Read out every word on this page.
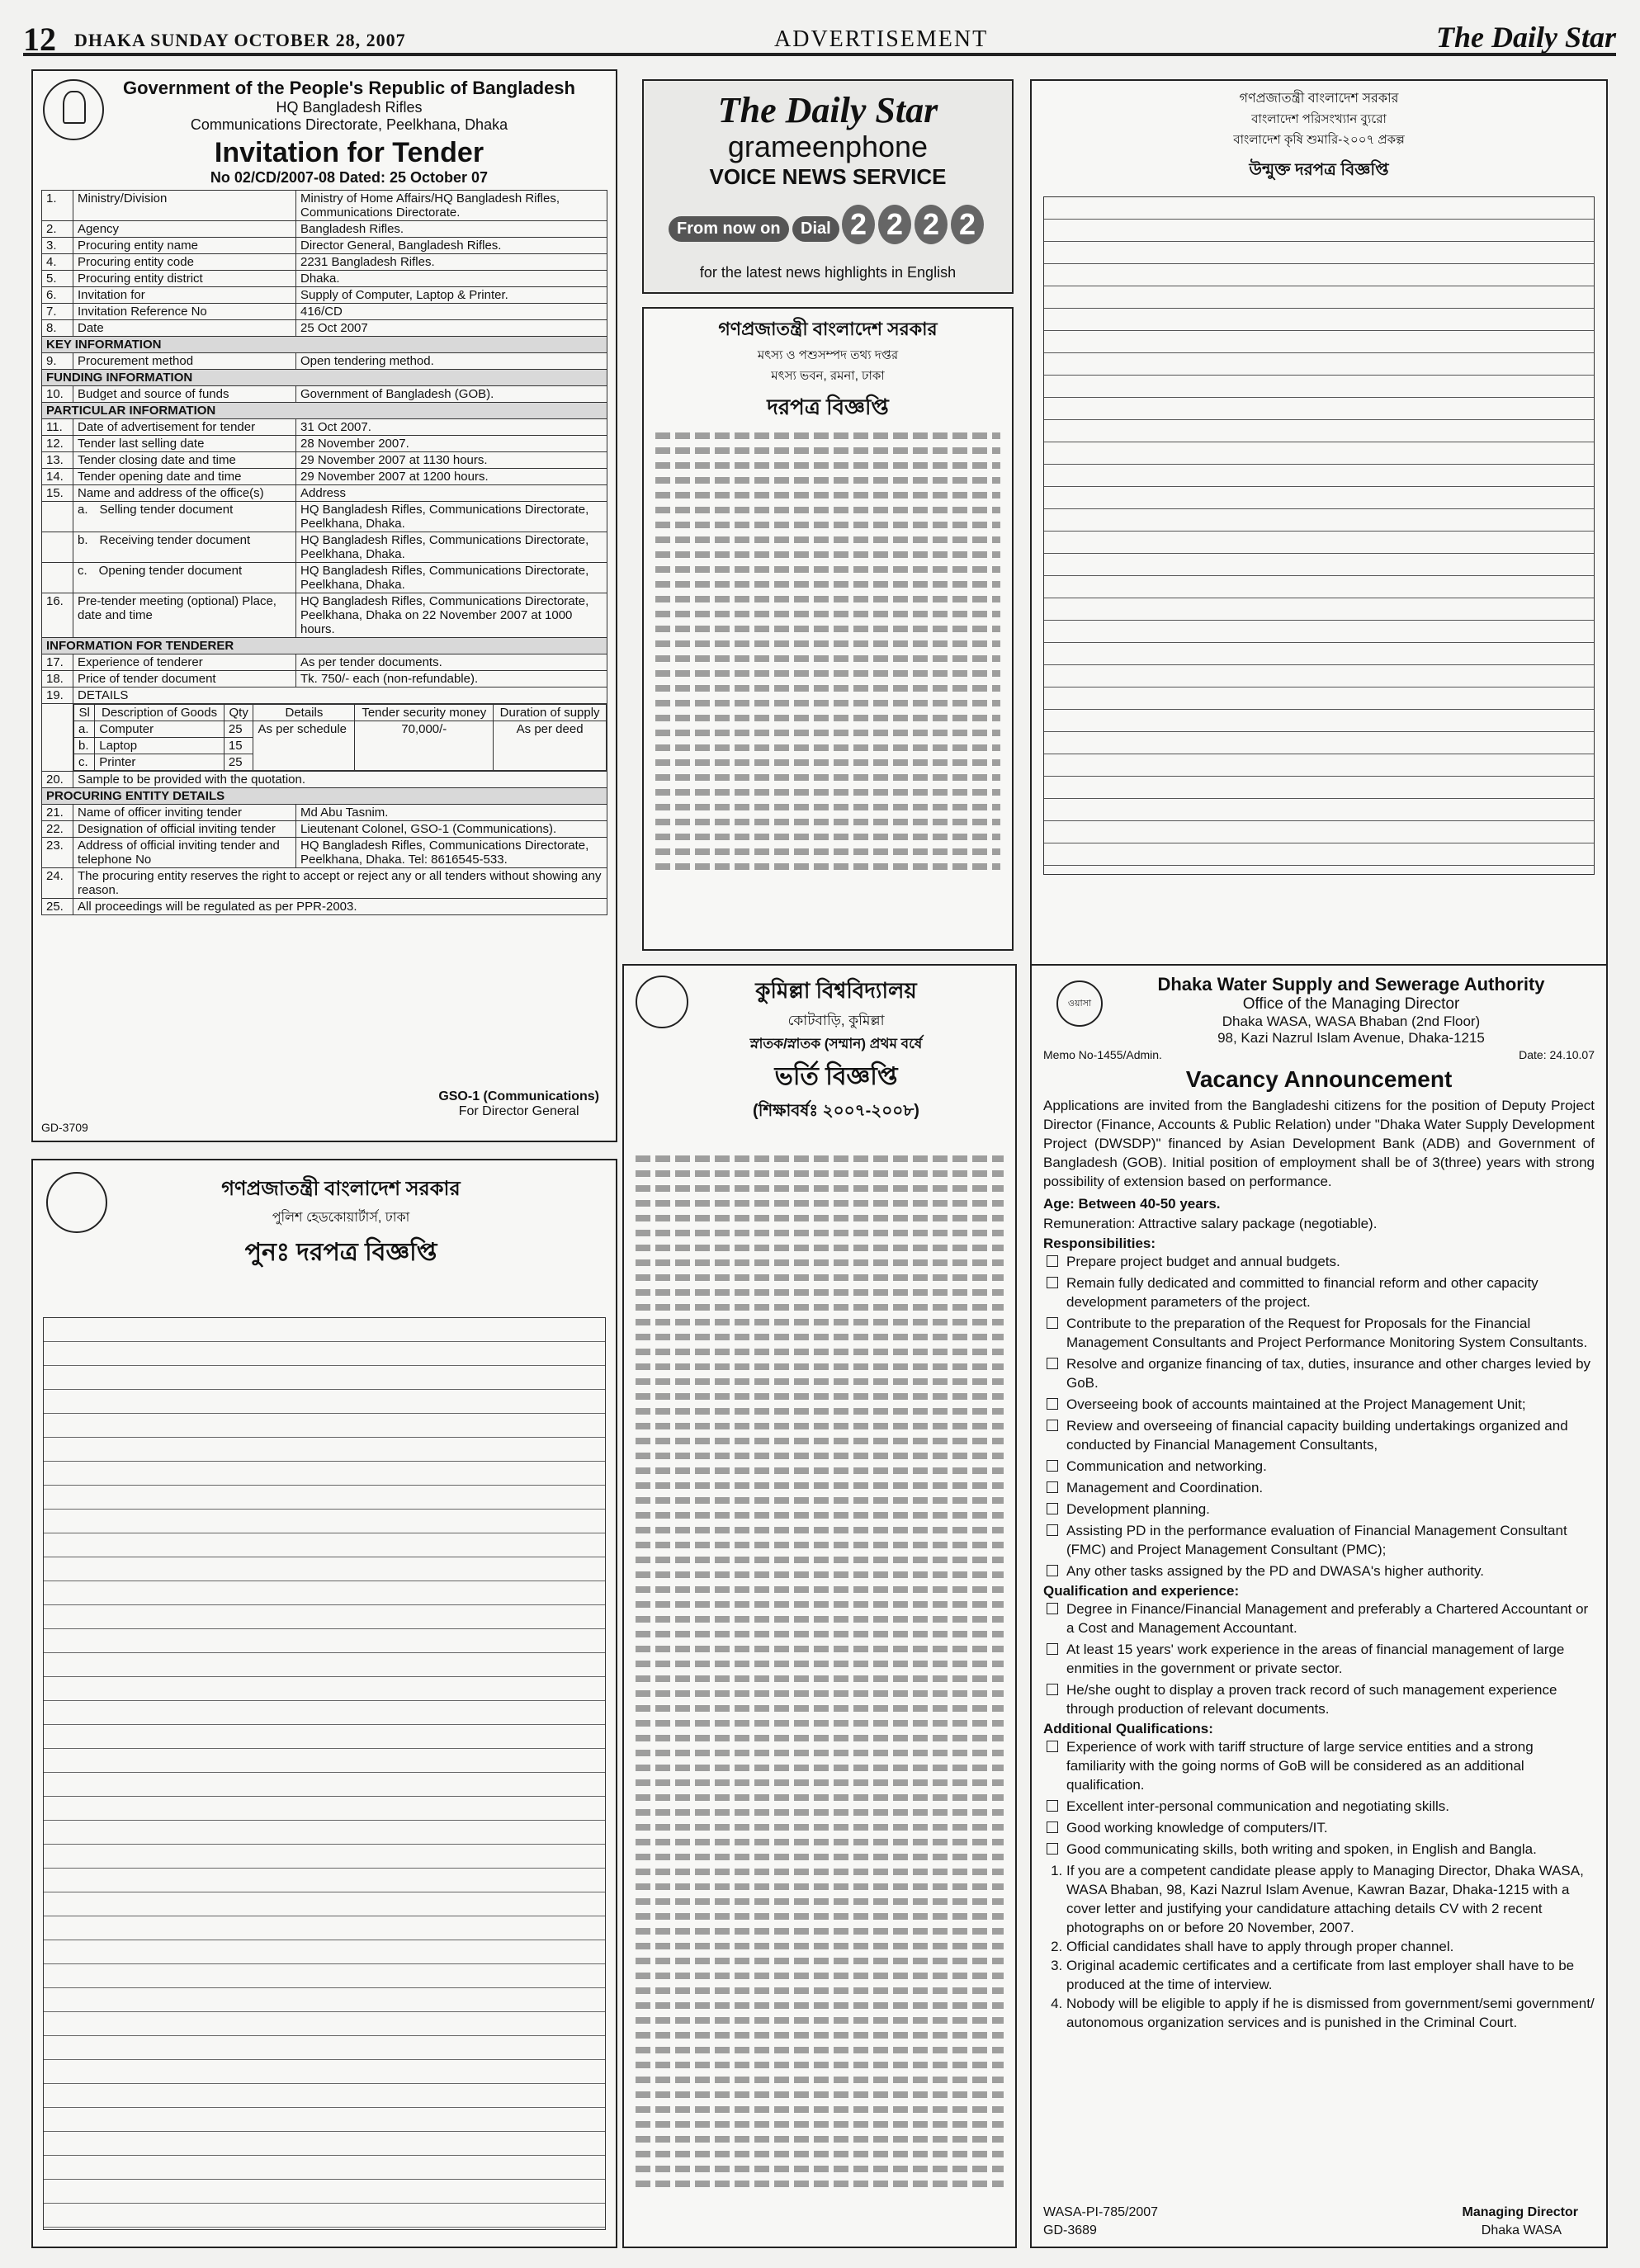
12 DHAKA SUNDAY OCTOBER 28, 2007	ADVERTISEMENT	The Daily Star
Government of the People's Republic of Bangladesh
HQ Bangladesh Rifles
Communications Directorate, Peelkhana, Dhaka
Invitation for Tender
No 02/CD/2007-08 Dated: 25 October 07
1.	Ministry/Division	Ministry of Home Affairs/HQ Bangladesh Rifles, Communications Directorate.
2.	Agency	Bangladesh Rifles.
3.	Procuring entity name	Director General, Bangladesh Rifles.
4.	Procuring entity code	2231 Bangladesh Rifles.
5.	Procuring entity district	Dhaka.
6.	Invitation for	Supply of Computer, Laptop & Printer.
7.	Invitation Reference No	416/CD
8.	Date	25 Oct 2007
KEY INFORMATION
9.	Procurement method	Open tendering method.
FUNDING INFORMATION
10.	Budget and source of funds	Government of Bangladesh (GOB).
PARTICULAR INFORMATION
11.	Date of advertisement for tender	31 Oct 2007.
12.	Tender last selling date	28 November 2007.
13.	Tender closing date and time	29 November 2007 at 1130 hours.
14.	Tender opening date and time	29 November 2007 at 1200 hours.
15.	Name and address of the office(s)	Address
	a. Selling tender document	HQ Bangladesh Rifles, Communications Directorate, Peelkhana, Dhaka.
	b. Receiving tender document	HQ Bangladesh Rifles, Communications Directorate, Peelkhana, Dhaka.
	c. Opening tender document	HQ Bangladesh Rifles, Communications Directorate, Peelkhana, Dhaka.
16.	Pre-tender meeting (optional) Place, date and time	HQ Bangladesh Rifles, Communications Directorate, Peelkhana, Dhaka on 22 November 2007 at 1000 hours.
INFORMATION FOR TENDERER
17.	Experience of tenderer	As per tender documents.
18.	Price of tender document	Tk. 750/- each (non-refundable).
19.	DETAILS

Sl	Description of Goods	Qty	Details	Tender security money	Duration of supply
a.	Computer	25	As per schedule	70,000/-	As per deed
b.	Laptop	15
c.	Printer	25

20.	Sample to be provided with the quotation.
PROCURING ENTITY DETAILS
21.	Name of officer inviting tender	Md Abu Tasnim.
22.	Designation of official inviting tender	Lieutenant Colonel, GSO-1 (Communications).
23.	Address of official inviting tender and telephone No	HQ Bangladesh Rifles, Communications Directorate, Peelkhana, Dhaka. Tel: 8616545-533.
24.	The procuring entity reserves the right to accept or reject any or all tenders without showing any reason.
25.	All proceedings will be regulated as per PPR-2003.
GSO-1 (Communications)
For Director General
GD-3709
The Daily Star
grameenphone
VOICE NEWS SERVICE
From now on	Dial 2 2 2 2
for the latest news highlights in English
গণপ্রজাতন্ত্রী বাংলাদেশ সরকার
মৎস্য ও পশুসম্পদ তথ্য দপ্তর
মৎস্য ভবন, রমনা, ঢাকা
দরপত্র বিজ্ঞপ্তি
গণপ্রজাতন্ত্রী বাংলাদেশ সরকার
বাংলাদেশ পরিসংখ্যান ব্যুরো
বাংলাদেশ কৃষি শুমারি-২০০৭ প্রকল্প
উন্মুক্ত দরপত্র বিজ্ঞপ্তি
গণপ্রজাতন্ত্রী বাংলাদেশ সরকার
পুলিশ হেডকোয়ার্টার্স, ঢাকা
পুনঃ দরপত্র বিজ্ঞপ্তি
কুমিল্লা বিশ্ববিদ্যালয়
কোটবাড়ি, কুমিল্লা
স্নাতক/স্নাতক (সম্মান) প্রথম বর্ষে
ভর্তি বিজ্ঞপ্তি
(শিক্ষাবর্ষঃ ২০০৭-২০০৮)
ওয়াসা
Dhaka Water Supply and Sewerage Authority
Office of the Managing Director
Dhaka WASA, WASA Bhaban (2nd Floor)
98, Kazi Nazrul Islam Avenue, Dhaka-1215
Memo No-1455/Admin.	Date: 24.10.07
Vacancy Announcement
Applications are invited from the Bangladeshi citizens for the position of Deputy Project Director (Finance, Accounts & Public Relation) under "Dhaka Water Supply Development Project (DWSDP)" financed by Asian Development Bank (ADB) and Government of Bangladesh (GOB). Initial position of employment shall be of 3(three) years with strong possibility of extension based on performance.
Age: Between 40-50 years.
Remuneration: Attractive salary package (negotiable).
Responsibilities:
Prepare project budget and annual budgets.
Remain fully dedicated and committed to financial reform and other capacity development parameters of the project.
Contribute to the preparation of the Request for Proposals for the Financial Management Consultants and Project Performance Monitoring System Consultants.
Resolve and organize financing of tax, duties, insurance and other charges levied by GoB.
Overseeing book of accounts maintained at the Project Management Unit;
Review and overseeing of financial capacity building undertakings organized and conducted by Financial Management Consultants,
Communication and networking.
Management and Coordination.
Development planning.
Assisting PD in the performance evaluation of Financial Management Consultant (FMC) and Project Management Consultant (PMC);
Any other tasks assigned by the PD and DWASA's higher authority.
Qualification and experience:
Degree in Finance/Financial Management and preferably a Chartered Accountant or a Cost and Management Accountant.
At least 15 years' work experience in the areas of financial management of large enmities in the government or private sector.
He/she ought to display a proven track record of such management experience through production of relevant documents.
Additional Qualifications:
Experience of work with tariff structure of large service entities and a strong familiarity with the going norms of GoB will be considered as an additional qualification.
Excellent inter-personal communication and negotiating skills.
Good working knowledge of computers/IT.
Good communicating skills, both writing and spoken, in English and Bangla.
1. If you are a competent candidate please apply to Managing Director, Dhaka WASA, WASA Bhaban, 98, Kazi Nazrul Islam Avenue, Kawran Bazar, Dhaka-1215 with a cover letter and justifying your candidature attaching details CV with 2 recent photographs on or before 20 November, 2007.
2. Official candidates shall have to apply through proper channel.
3. Original academic certificates and a certificate from last employer shall have to be produced at the time of interview.
4. Nobody will be eligible to apply if he is dismissed from government/semi government/ autonomous organization services and is punished in the Criminal Court.
WASA-PI-785/2007
GD-3689
Managing Director
Dhaka WASA
